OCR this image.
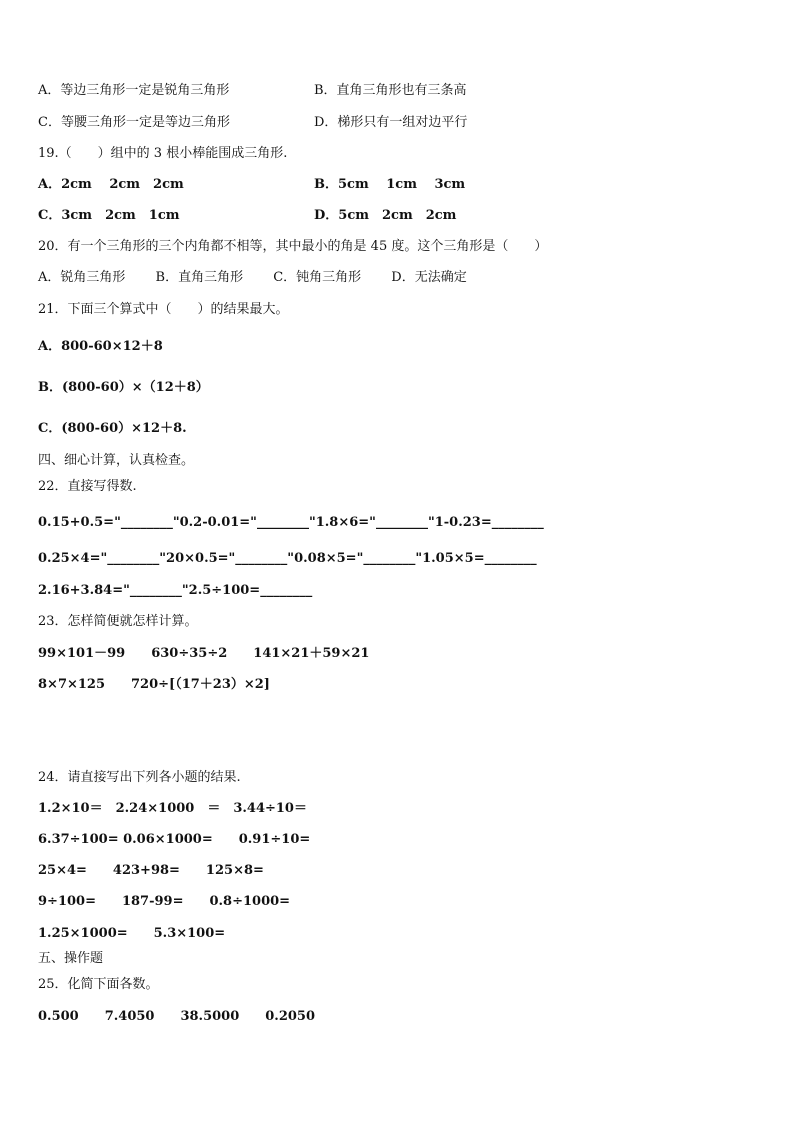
A．等边三角形一定是锐角三角形	B．直角三角形也有三条高
C．等腰三角形一定是等边三角形	D．梯形只有一组对边平行
19.（　　）组中的 3 根小棒能围成三角形.
A．2cm　 2cm　2cm	B．5cm　 1cm　 3cm
C．3cm　2cm　1cm	D．5cm　2cm　2cm
20．有一个三角形的三个内角都不相等，其中最小的角是 45 度。这个三角形是（　　）
A．锐角三角形　　 B．直角三角形　　 C．钝角三角形　　 D．无法确定
21．下面三个算式中（　　）的结果最大。
A．800-60×12＋8
B．(800-60）×（12＋8）
C．(800-60）×12＋8.
四、细心计算，认真检查。
22．直接写得数.
0.15+0.5="________"0.2-0.01="________"1.8×6="________"1-0.23=________
0.25×4="________"20×0.5="________"0.08×5="________"1.05×5=________
2.16+3.84="________"2.5÷100=________
23．怎样简便就怎样计算。
99×101－99　　630÷35÷2　　141×21＋59×21
8×7×125　　720÷[（17＋23）×2]
24．请直接写出下列各小题的结果.
1.2×10＝　2.24×1000　＝　3.44÷10＝
6.37÷100= 0.06×1000=　　0.91÷10=
25×4=　　423+98=　　125×8=
9÷100=　　187-99=　　0.8÷1000=
1.25×1000=　　5.3×100=
五、操作题
25．化简下面各数。
0.500　　7.4050　　38.5000　　0.2050
